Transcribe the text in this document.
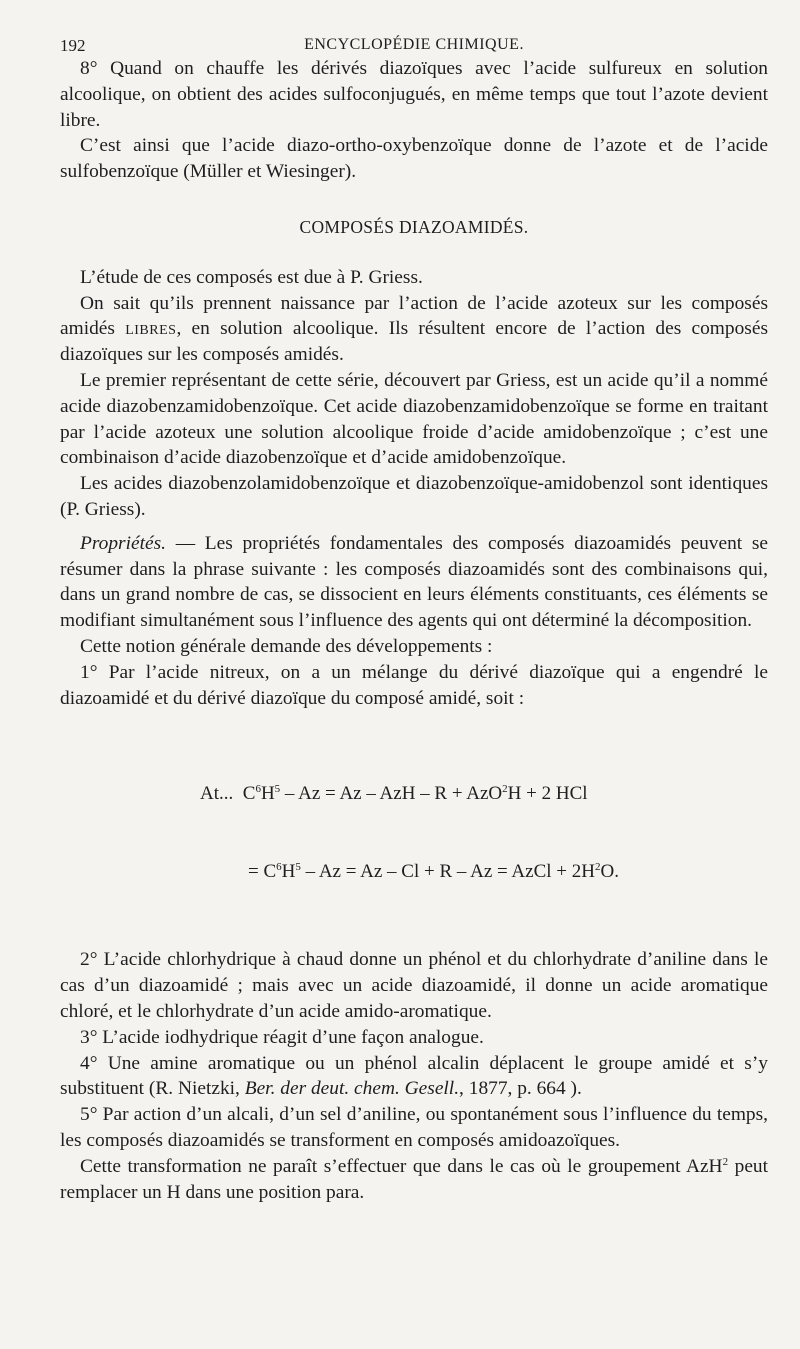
192	ENCYCLOPÉDIE CHIMIQUE.

8° Quand on chauffe les dérivés diazoïques avec l’acide sulfureux en solution alcoolique, on obtient des acides sulfoconjugués, en même temps que tout l’azote devient libre.

C’est ainsi que l’acide diazo-ortho-oxybenzoïque donne de l’azote et de l’acide sulfobenzoïque (Müller et Wiesinger).

COMPOSÉS DIAZOAMIDÉS.

L’étude de ces composés est due à P. Griess.

On sait qu’ils prennent naissance par l’action de l’acide azoteux sur les composés amidés libres, en solution alcoolique. Ils résultent encore de l’action des composés diazoïques sur les composés amidés.

Le premier représentant de cette série, découvert par Griess, est un acide qu’il a nommé acide diazobenzamidobenzoïque. Cet acide diazobenzamidobenzoïque se forme en traitant par l’acide azoteux une solution alcoolique froide d’acide amidobenzoïque ; c’est une combinaison d’acide diazobenzoïque et d’acide amidobenzoïque.

Les acides diazobenzolamidobenzoïque et diazobenzoïque-amidobenzol sont identiques (P. Griess).

Propriétés. — Les propriétés fondamentales des composés diazoamidés peuvent se résumer dans la phrase suivante : les composés diazoamidés sont des combinaisons qui, dans un grand nombre de cas, se dissocient en leurs éléments constituants, ces éléments se modifiant simultanément sous l’influence des agents qui ont déterminé la décomposition.

Cette notion générale demande des développements :

1° Par l’acide nitreux, on a un mélange du dérivé diazoïque qui a engendré le diazoamidé et du dérivé diazoïque du composé amidé, soit :

At...  $C^6H^5 - Az = Az$ – AzH – R + AzO$^2$H + 2 HCl

= $C^6H^5 - Az = Az - Cl + R - Az$ = AzCl + $2H^2O$.

2° L’acide chlorhydrique à chaud donne un phénol et du chlorhydrate d’aniline dans le cas d’un diazoamidé ; mais avec un acide diazoamidé, il donne un acide aromatique chloré, et le chlorhydrate d’un acide amido-aromatique.

3° L’acide iodhydrique réagit d’une façon analogue.

4° Une amine aromatique ou un phénol alcalin déplacent le groupe amidé et s’y substituent (R. Nietzki, Ber. der deut. chem. Gesell., 1877, p. 664 ).

5° Par action d’un alcali, d’un sel d’aniline, ou spontanément sous l’influence du temps, les composés diazoamidés se transforment en composés amidoazoïques.

Cette transformation ne paraît s’effectuer que dans le cas où le groupement AzH$^2$ peut remplacer un H dans une position para.
